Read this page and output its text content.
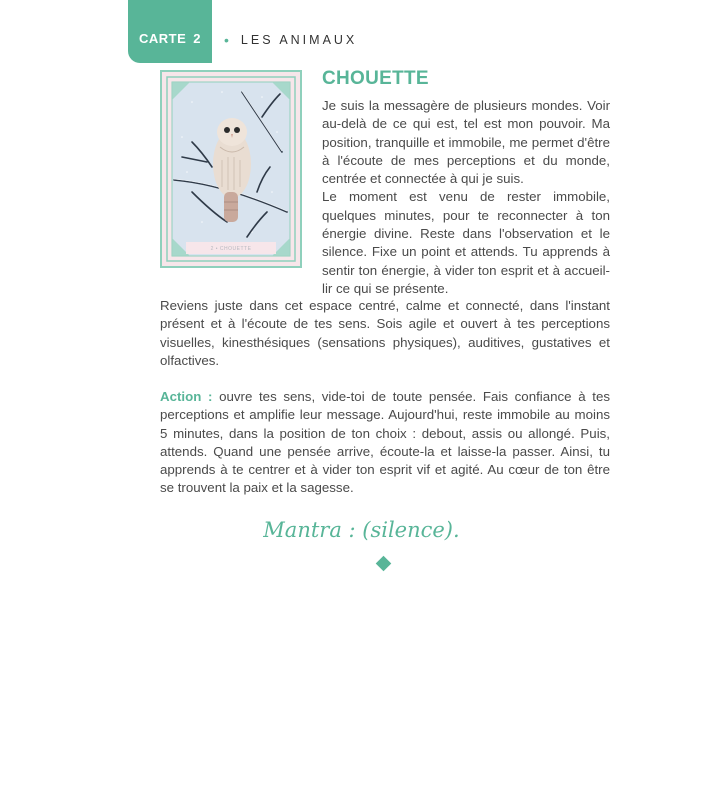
CARTE 2 • LES ANIMAUX
2 • CHOUETTE
CHOUETTE
Je suis la messagère de plusieurs mondes. Voir au-delà de ce qui est, tel est mon pouvoir. Ma position, tranquille et immobile, me permet d'être à l'écoute de mes perceptions et du monde, centrée et connectée à qui je suis.
Le moment est venu de rester immobile, quelques minutes, pour te reconnecter à ton énergie divine. Reste dans l'observation et le silence. Fixe un point et attends. Tu apprends à sentir ton énergie, à vider ton esprit et à accueil-lir ce qui se présente.
Reviens juste dans cet espace centré, calme et connecté, dans l'instant présent et à l'écoute de tes sens. Sois agile et ouvert à tes perceptions visuelles, kinesthésiques (sensations physiques), auditives, gustatives et olfactives.
Action : ouvre tes sens, vide-toi de toute pensée. Fais confiance à tes perceptions et amplifie leur message. Aujourd'hui, reste immobile au moins 5 minutes, dans la position de ton choix : debout, assis ou allongé. Puis, attends. Quand une pensée arrive, écoute-la et laisse-la passer. Ainsi, tu apprends à te centrer et à vider ton esprit vif et agité. Au cœur de ton être se trouvent la paix et la sagesse.
Mantra : (silence).
